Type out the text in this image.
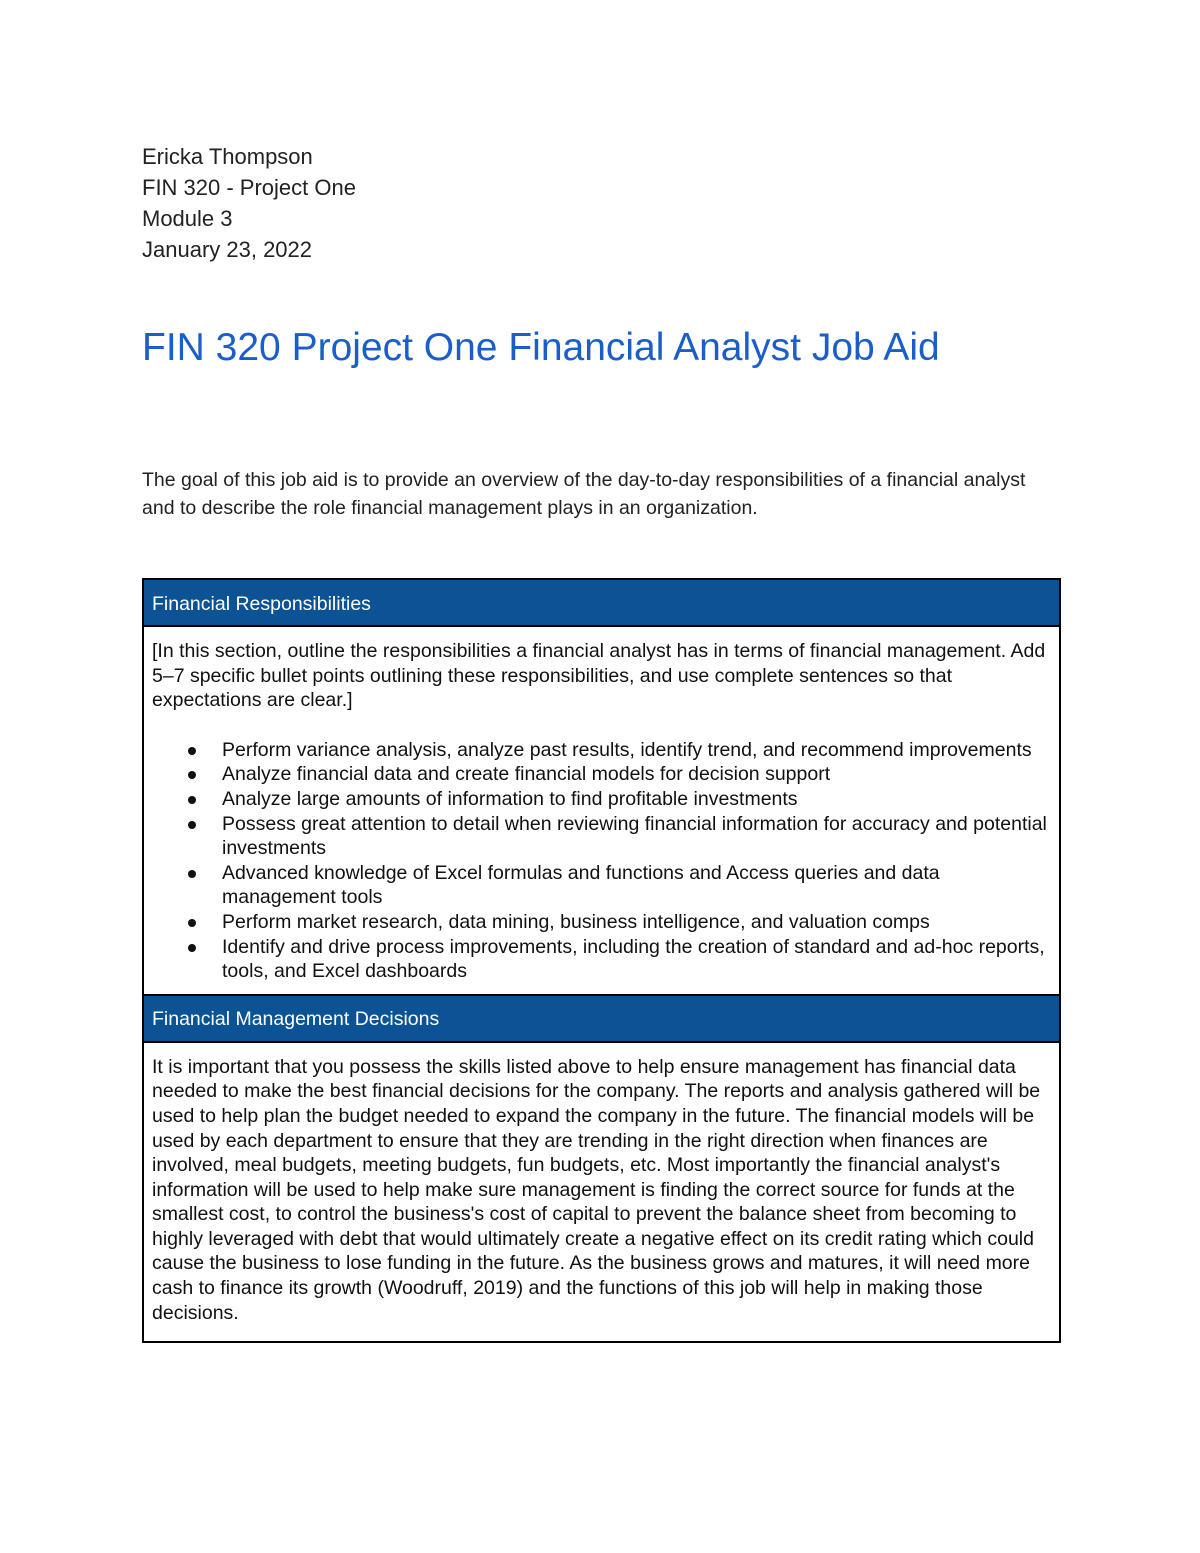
Ericka Thompson
FIN 320 - Project One
Module 3
January 23, 2022
FIN 320 Project One Financial Analyst Job Aid

The goal of this job aid is to provide an overview of the day-to-day responsibilities of a financial analyst and to describe the role financial management plays in an organization.

Financial Responsibilities

[In this section, outline the responsibilities a financial analyst has in terms of financial management. Add 5–7 specific bullet points outlining these responsibilities, and use complete sentences so that expectations are clear.]
Perform variance analysis, analyze past results, identify trend, and recommend improvements
Analyze financial data and create financial models for decision support
Analyze large amounts of information to find profitable investments
Possess great attention to detail when reviewing financial information for accuracy and potential investments
Advanced knowledge of Excel formulas and functions and Access queries and data management tools
Perform market research, data mining, business intelligence, and valuation comps
Identify and drive process improvements, including the creation of standard and ad-hoc reports, tools, and Excel dashboards

Financial Management Decisions

It is important that you possess the skills listed above to help ensure management has financial data needed to make the best financial decisions for the company. The reports and analysis gathered will be used to help plan the budget needed to expand the company in the future. The financial models will be used by each department to ensure that they are trending in the right direction when finances are involved, meal budgets, meeting budgets, fun budgets, etc. Most importantly the financial analyst's information will be used to help make sure management is finding the correct source for funds at the smallest cost, to control the business's cost of capital to prevent the balance sheet from becoming to highly leveraged with debt that would ultimately create a negative effect on its credit rating which could cause the business to lose funding in the future. As the business grows and matures, it will need more cash to finance its growth (Woodruff, 2019) and the functions of this job will help in making those decisions.
